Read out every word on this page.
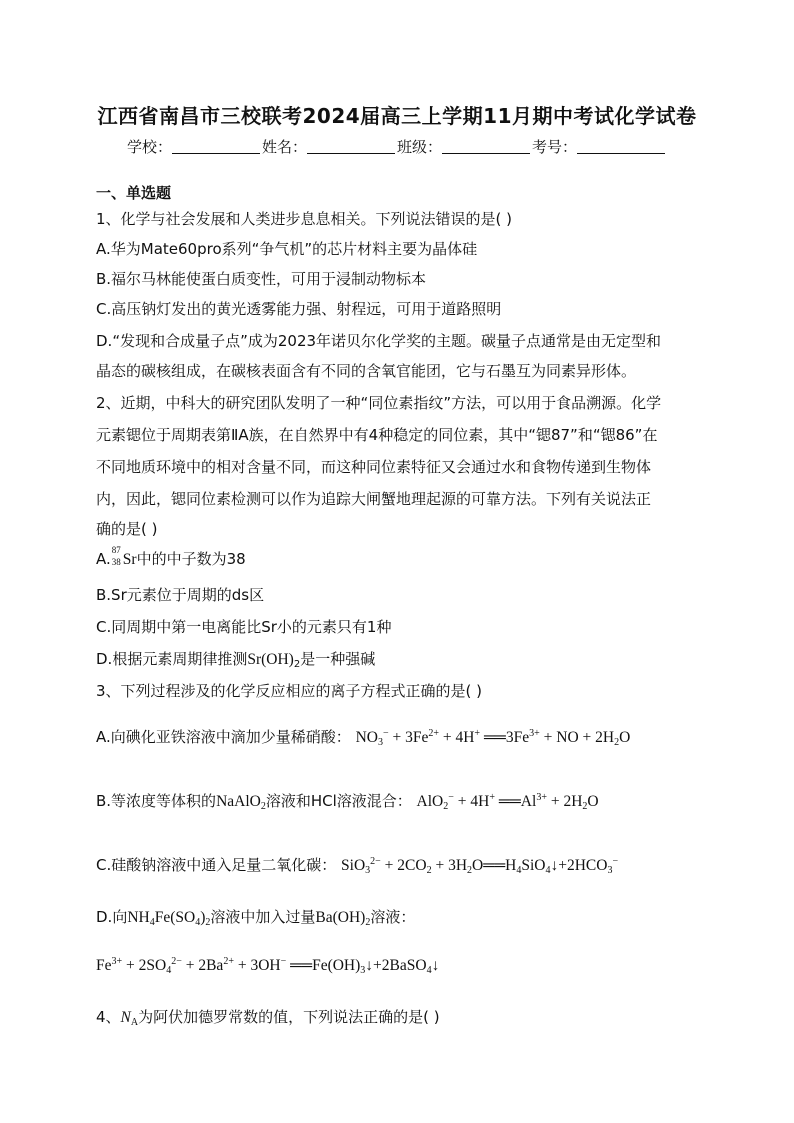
江西省南昌市三校联考2024届高三上学期11月期中考试化学试卷
学校：	姓名：	班级：	考号：
一、单选题
1、化学与社会发展和人类进步息息相关。下列说法错误的是( )
A.华为Mate60pro系列“争气机”的芯片材料主要为晶体硅
B.福尔马林能使蛋白质变性，可用于浸制动物标本
C.高压钠灯发出的黄光透雾能力强、射程远，可用于道路照明
D.“发现和合成量子点”成为2023年诺贝尔化学奖的主题。碳量子点通常是由无定型和
晶态的碳核组成，在碳核表面含有不同的含氧官能团，它与石墨互为同素异形体。
2、近期，中科大的研究团队发明了一种“同位素指纹”方法，可以用于食品溯源。化学
元素锶位于周期表第ⅡA族，在自然界中有4种稳定的同位素，其中“锶87”和“锶86”在
不同地质环境中的相对含量不同，而这种同位素特征又会通过水和食物传递到生物体
内，因此，锶同位素检测可以作为追踪大闸蟹地理起源的可靠方法。下列有关说法正
确的是( )
A. 87
38 Sr中的中子数为38
B.Sr元素位于周期的ds区
C.同周期中第一电离能比Sr小的元素只有1种
D.根据元素周期律推测$Sr(OH)_2$是一种强碱
3、下列过程涉及的化学反应相应的离子方程式正确的是( )
A.向碘化亚铁溶液中滴加少量稀硝酸： $NO_3^- + 3Fe^{2+} + 4H^+$ $══3Fe^{3+}$ + NO + $2H_2O$
B.等浓度等体积的NaAlO$_2$溶液和HCl溶液混合： AlO$_2$− + 4H+ $══Al^{3+} + 2H_2O$
C.硅酸钠溶液中通入足量二氧化碳： $SiO_3^{2-} + 2CO_2$ + $3H_2O══H_4SiO_4↓+2HCO_3^-$
D.向$NH_4Fe(SO_4)_2$溶液中加入过量$Ba(OH)_2$溶液：
$Fe^{3+} + 2SO_4^{2-} + 2Ba^{2+} + 3OH^-$ $══Fe(OH)_3↓+2BaSO_4↓$
4、$N_A$为阿伏加德罗常数的值，下列说法正确的是( )
